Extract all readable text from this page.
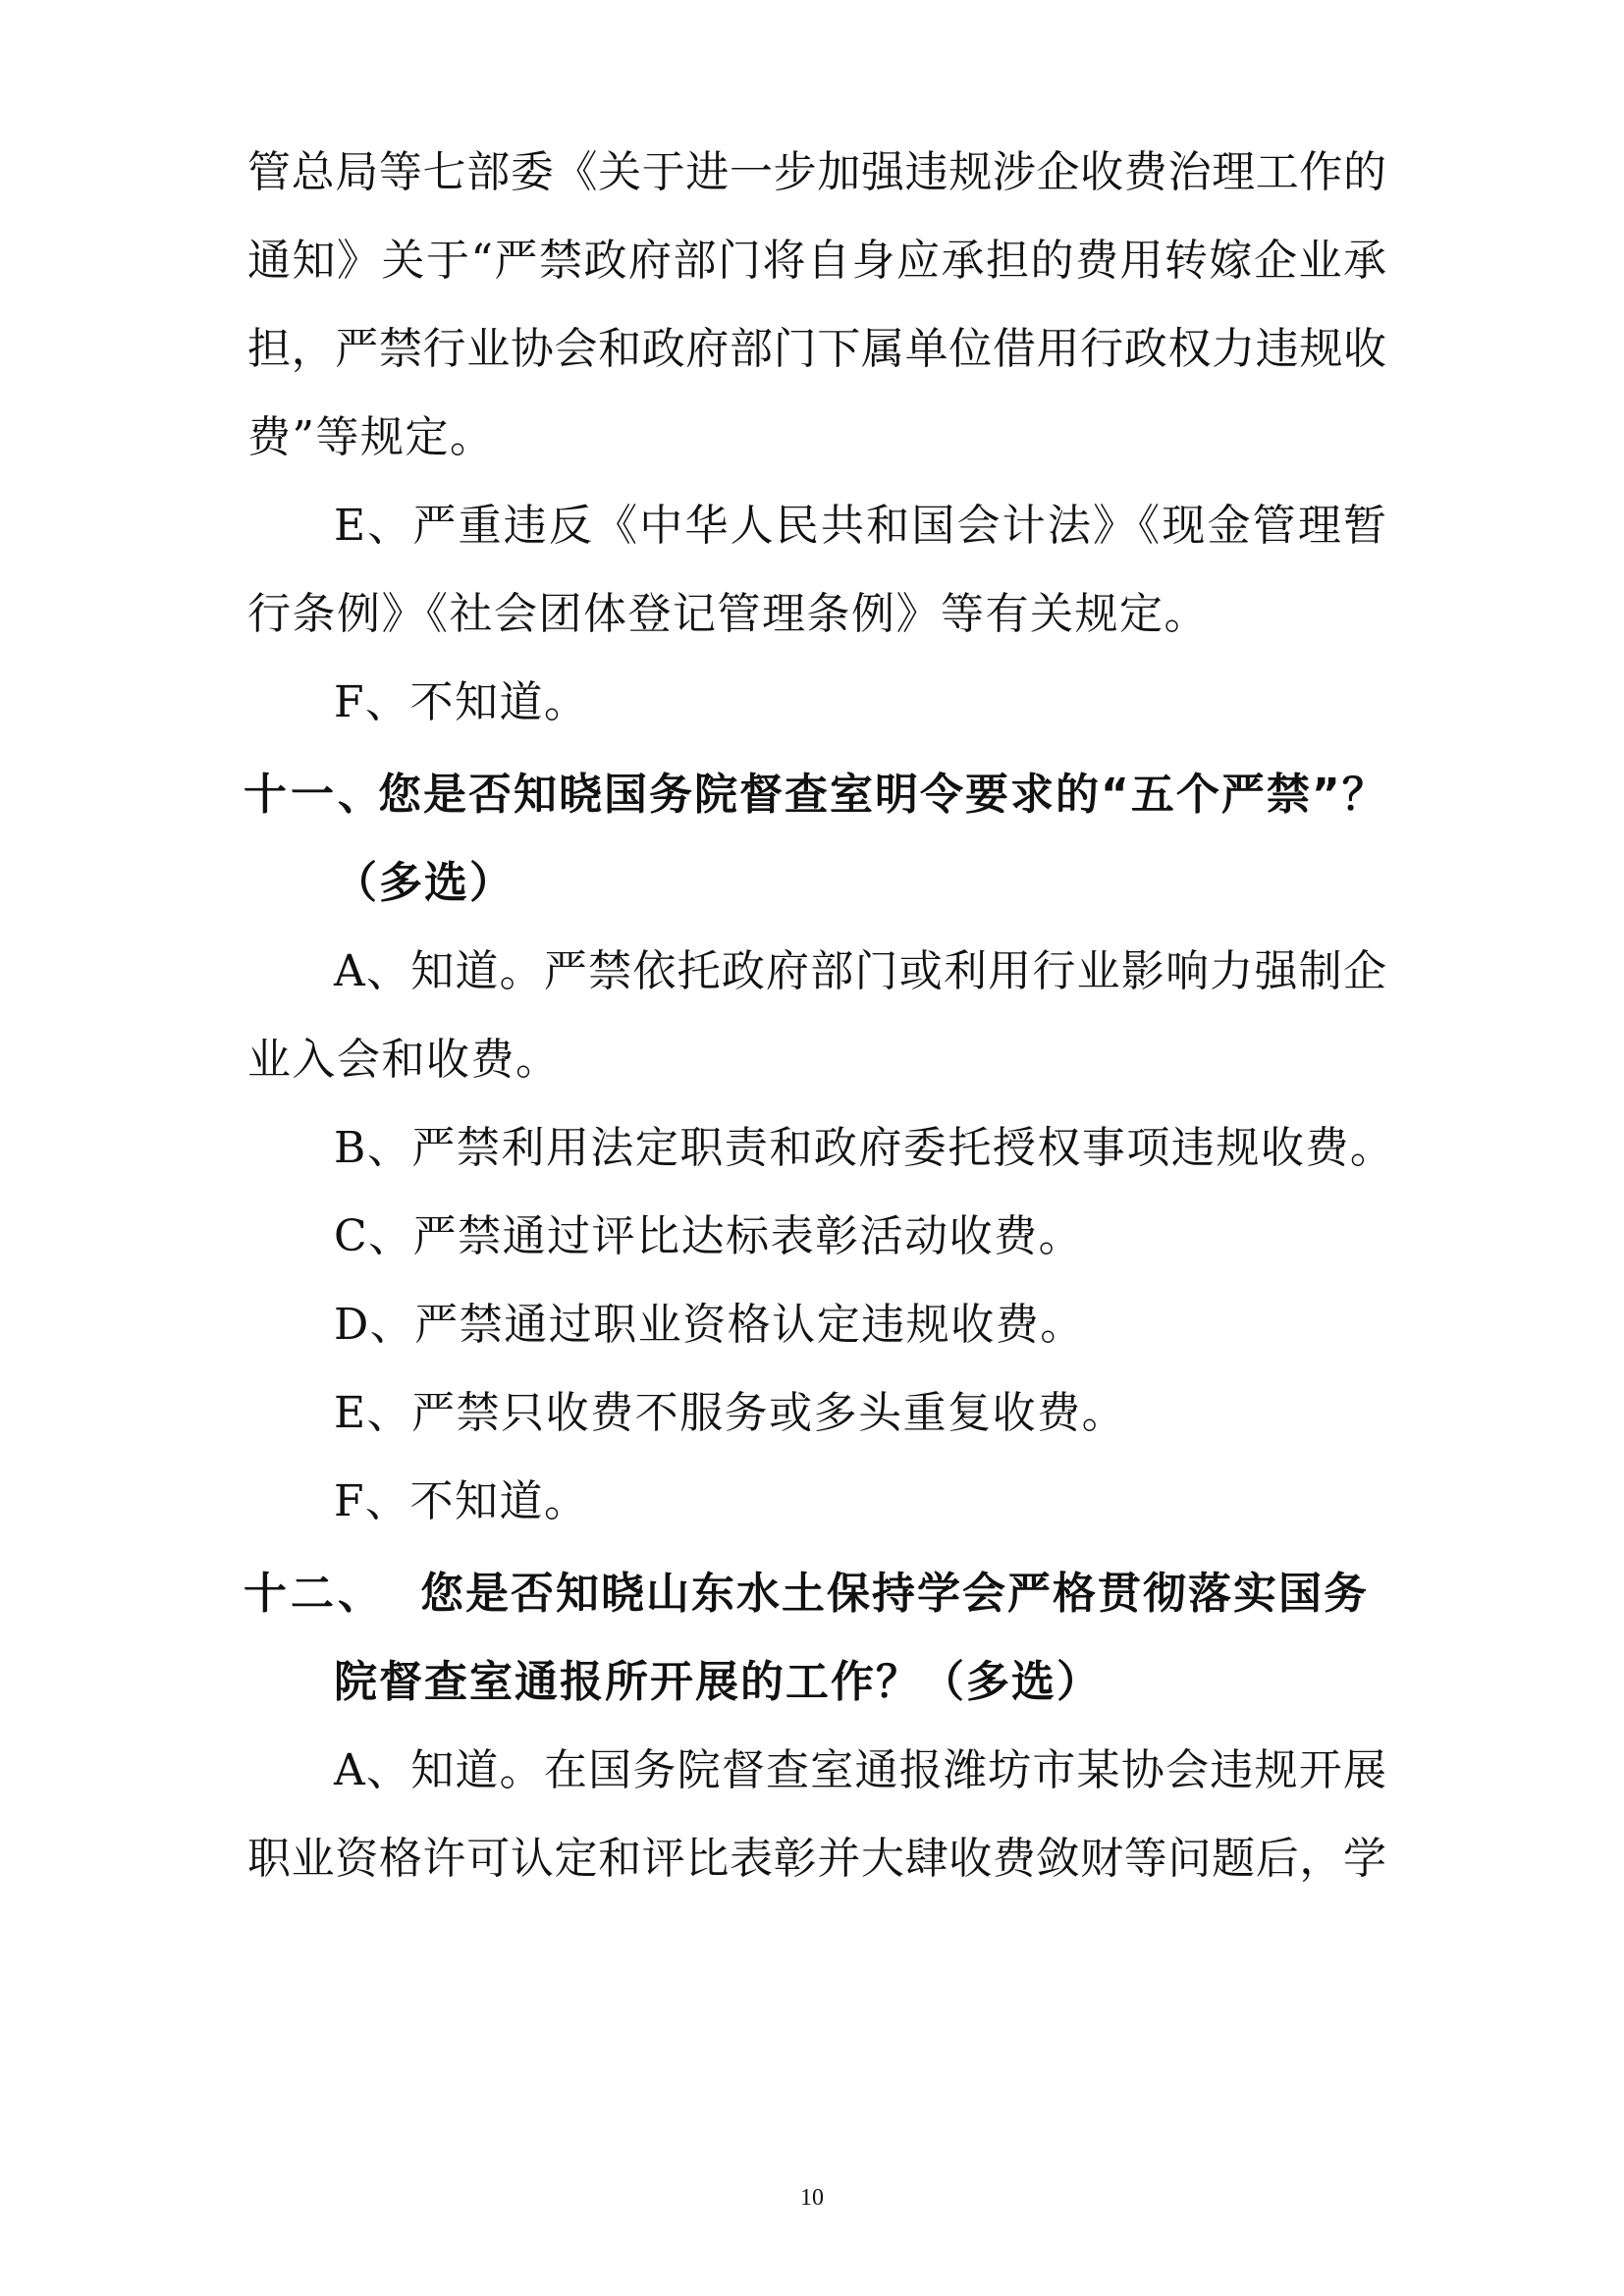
管总局等七部委《关于进一步加强违规涉企收费治理工作的
通知》关于“严禁政府部门将自身应承担的费用转嫁企业承
担，严禁行业协会和政府部门下属单位借用行政权力违规收
费”等规定。
E、严重违反《中华人民共和国会计法》《现金管理暂
行条例》《社会团体登记管理条例》等有关规定。
F、不知道。
十一、
您是否知晓国务院督查室明令要求的“五个严禁”？
（多选）
A、知道。严禁依托政府部门或利用行业影响力强制企
业入会和收费。
B、严禁利用法定职责和政府委托授权事项违规收费。
C、严禁通过评比达标表彰活动收费。
D、严禁通过职业资格认定违规收费。
E、严禁只收费不服务或多头重复收费。
F、不知道。
十二、 您是否知晓山东水土保持学会严格贯彻落实国务
院督查室通报所开展的工作？（多选）
A、知道。在国务院督查室通报潍坊市某协会违规开展
职业资格许可认定和评比表彰并大肆收费敛财等问题后，学
10
